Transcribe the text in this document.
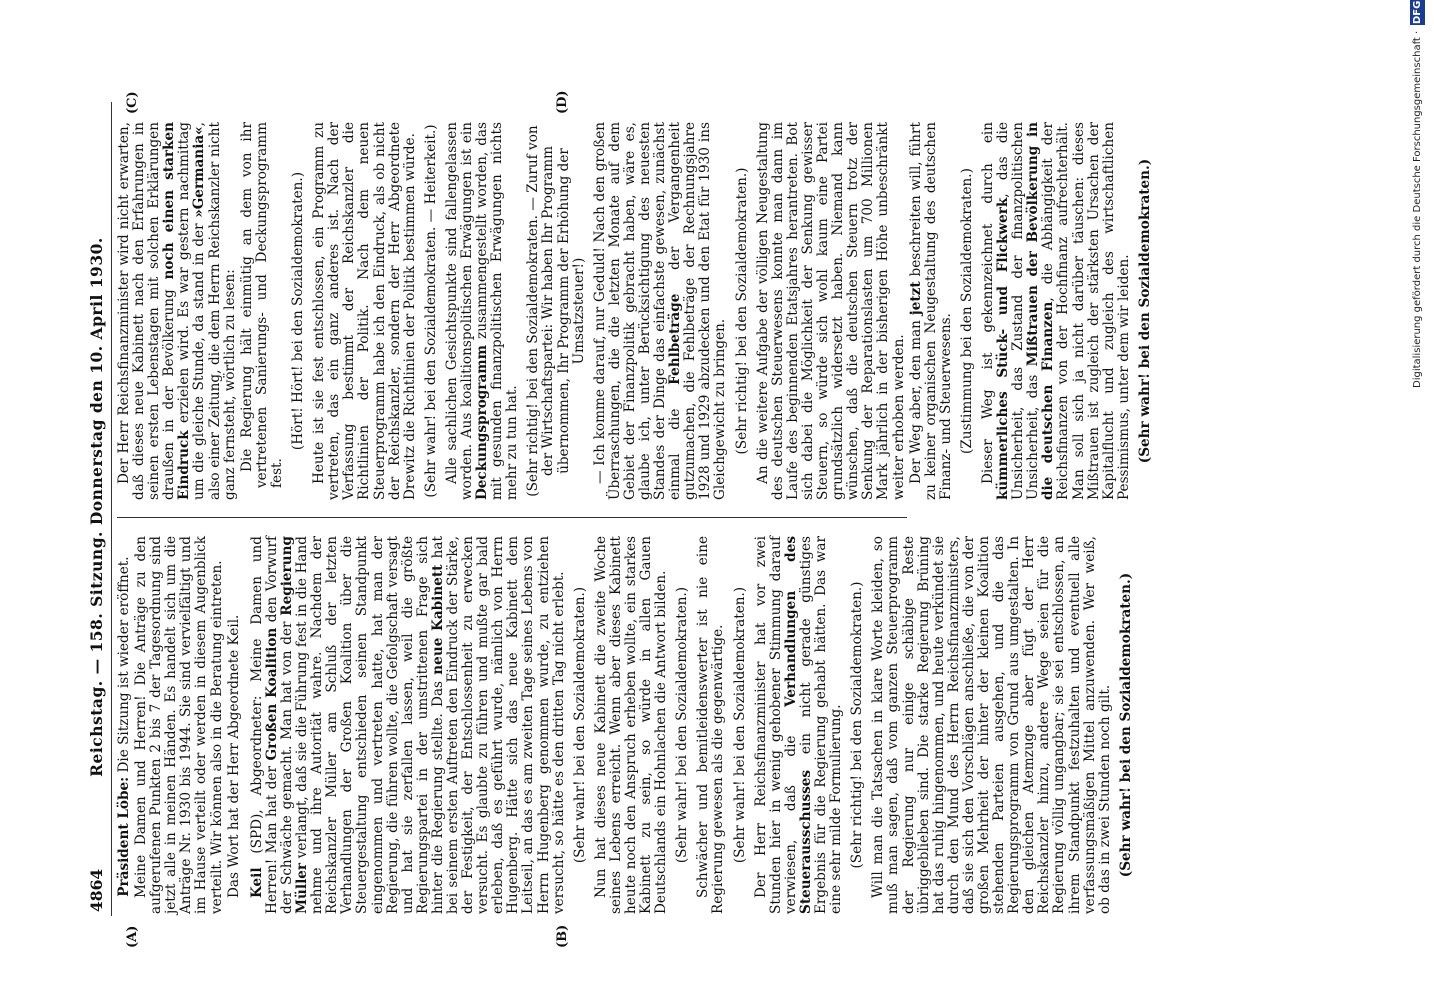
4864
Reichstag. — 158. Sitzung. Donnerstag den 10. April 1930.
(A)	(B)
(C)	(D)

Präsident Löbe: Die Sitzung ist wieder eröffnet. Meine Damen und Herren! Die Anträge zu den aufgerufenen Punkten 2 bis 7 der Tagesordnung sind jetzt alle in meinen Händen. Es handelt sich um die Anträge Nr. 1930 bis 1944. Sie sind vervielfältigt und im Hause verteilt oder werden in diesem Augenblick verteilt. Wir können also in die Beratung eintreten. Das Wort hat der Herr Abgeordnete Keil. Keil (SPD), Abgeordneter: Meine Damen und Herren! Man hat der Großen Koalition den Vorwurf der Schwäche gemacht. Man hat von der Regierung Müller verlangt, daß sie die Führung fest in die Hand nehme und ihre Autorität wahre. Nachdem der Reichskanzler Müller am Schluß der letzten Verhandlungen der Großen Koalition über die Steuergestaltung entschieden seinen Standpunkt eingenommen und vertreten hatte, hat man der Regierung, die führen wollte, die Gefolgschaft versagt und hat sie zerfallen lassen, weil die größte Regierungspartei in der umstrittenen Frage sich hinter die Regierung stellte. Das neue Kabinett hat bei seinem ersten Auftreten den Eindruck der Stärke, der Festigkeit, der Entschlossenheit zu erwecken versucht. Es glaubte zu führen und mußte gar bald erleben, daß es geführt wurde, nämlich von Herrn Hugenberg. Hätte sich das neue Kabinett dem Leitseil, an das es am zweiten Tage seines Lebens von Herrn Hugenberg genommen wurde, zu entziehen versucht, so hätte es den dritten Tag nicht erlebt. (Sehr wahr! bei den Sozialdemokraten.) Nun hat dieses neue Kabinett die zweite Woche seines Lebens erreicht. Wenn aber dieses Kabinett heute noch den Anspruch erheben wollte, ein starkes Kabinett zu sein, so würde in allen Gauen Deutschlands ein Hohnlachen die Antwort bilden. (Sehr wahr! bei den Sozialdemokraten.) Schwächer und bemitleidenswerter ist nie eine Regierung gewesen als die gegenwärtige. (Sehr wahr! bei den Sozialdemokraten.) Der Herr Reichsfinanzminister hat vor zwei Stunden hier in wenig gehobener Stimmung darauf verwiesen, daß die Verhandlungen des Steuerausschusses ein nicht gerade günstiges Ergebnis für die Regierung gehabt hätten. Das war eine sehr milde Formulierung. (Sehr richtig! bei den Sozialdemokraten.) Will man die Tatsachen in klare Worte kleiden, so muß man sagen, daß vom ganzen Steuerprogramm der Regierung nur einige schäbige Reste übriggeblieben sind. Die starke Regierung Brüning hat das ruhig hingenommen, und heute verkündet sie durch den Mund des Herrn Reichsfinanzministers, daß sie sich den Vorschlägen anschließe, die von der großen Mehrheit der hinter der kleinen Koalition stehenden Parteien ausgehen, und die das Regierungsprogramm von Grund aus umgestalten. In den gleichen Atemzuge aber fügt der Herr Reichskanzler hinzu, andere Wege seien für die Regierung völlig ungangbar; sie sei entschlossen, an ihrem Standpunkt festzuhalten und eventuell alle verfassungsmäßigen Mittel anzuwenden. Wer weiß, ob das in zwei Stunden noch gilt. (Sehr wahr! bei den Sozialdemokraten.)

Der Herr Reichsfinanzminister wird nicht erwarten, daß dieses neue Kabinett nach den Erfahrungen in seinen ersten Lebenstagen mit solchen Erklärungen draußen in der Bevölkerung noch einen starken Eindruck erzielen wird. Es war gestern nachmittag um die gleiche Stunde, da stand in der »Germania«, also einer Zeitung, die dem Herrn Reichskanzler nicht ganz fernsteht, wörtlich zu lesen: Die Regierung hält einmütig an dem von ihr vertretenen Sanierungs- und Deckungsprogramm fest.

(Hört! Hört! bei den Sozialdemokraten.) Heute ist sie fest entschlossen, ein Programm zu vertreten, das ein ganz anderes ist. Nach der Verfassung bestimmt der Reichskanzler die Richtlinien der Politik. Nach dem neuen Steuerprogramm habe ich den Eindruck, als ob nicht der Reichskanzler, sondern der Herr Abgeordnete Drewitz die Richtlinien der Politik bestimmen würde. (Sehr wahr! bei den Sozialdemokraten. — Heiterkeit.) Alle sachlichen Gesichtspunkte sind fallengelassen worden. Aus koalitionspolitischen Erwägungen ist ein Deckungsprogramm zusammengestellt worden, das mit gesunden finanzpolitischen Erwägungen nichts mehr zu tun hat. (Sehr richtig! bei den Sozialdemokraten. — Zuruf von der Wirtschaftspartei: Wir haben Ihr Programm übernommen, Ihr Programm der Erhöhung der Umsatzsteuer!) — Ich komme darauf, nur Geduld! Nach den großen Überraschungen, die die letzten Monate auf dem Gebiet der Finanzpolitik gebracht haben, wäre es, glaube ich, unter Berücksichtigung des neuesten Standes der Dinge das einfachste gewesen, zunächst einmal die Fehlbeträge der Vergangenheit gutzumachen, die Fehlbeträge der Rechnungsjahre 1928 und 1929 abzudecken und den Etat für 1930 ins Gleichgewicht zu bringen. (Sehr richtig! bei den Sozialdemokraten.) An die weitere Aufgabe der völligen Neugestaltung des deutschen Steuerwesens konnte man dann im Laufe des beginnenden Etatsjahres herantreten. Bot sich dabei die Möglichkeit der Senkung gewisser Steuern, so würde sich wohl kaum eine Partei grundsätzlich widersetzt haben. Niemand kann wünschen, daß die deutschen Steuern trotz der Senkung der Reparationslasten um 700 Millionen Mark jährlich in der bisherigen Höhe unbeschränkt weiter erhoben werden. Der Weg aber, den man jetzt beschreiten will, führt zu keiner organischen Neugestaltung des deutschen Finanz- und Steuerwesens. (Zustimmung bei den Sozialdemokraten.) Dieser Weg ist gekennzeichnet durch ein kümmerliches Stück- und Flickwerk, das die Unsicherheit, das Zustand der finanzpolitischen Unsicherheit, das Mißtrauen der Bevölkerung in die deutschen Finanzen, die Abhängigkeit der Reichsfinanzen von der Hochfinanz aufrechterhält. Man soll sich ja nicht darüber täuschen: dieses Mißtrauen ist zugleich der stärksten Ursachen der Kapitalflucht und zugleich des wirtschaftlichen Pessimismus, unter dem wir leiden. (Sehr wahr! bei den Sozialdemokraten.)	Digitalisierung gefördert durch die Deutsche Forschungsgemeinschaft · DFG
